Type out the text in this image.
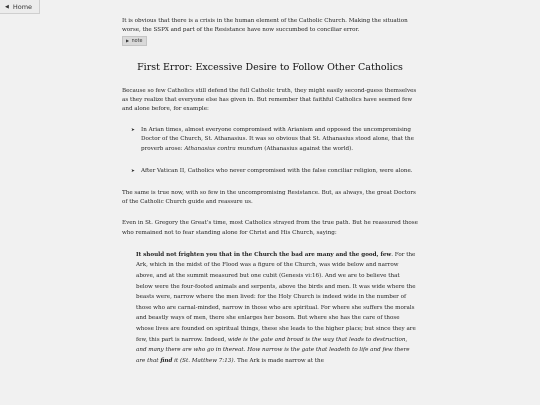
◀ Home

It is obvious that there is a crisis in the human element of the Catholic Church. Making the situation worse, the SSPX and part of the Resistance have now succumbed to conciliar error.

▶ note
First Error: Excessive Desire to Follow Other Catholics

Because so few Catholics still defend the full Catholic truth, they might easily second-guess themselves as they realize that everyone else has given in. But remember that faithful Catholics have seemed few and alone before, for example:

➤ In Arian times, almost everyone compromised with Arianism and opposed the uncompromising Doctor of the Church, St. Athanasius. It was so obvious that St. Athanasius stood alone, that the proverb arose: Athanasius contra mundum (Athanasius against the world).
➤ After Vatican II, Catholics who never compromised with the false conciliar religion, were alone.

The same is true now, with so few in the uncompromising Resistance. But, as always, the great Doctors of the Catholic Church guide and reassure us.

Even in St. Gregory the Great’s time, most Catholics strayed from the true path. But he reassured those who remained not to fear standing alone for Christ and His Church, saying:

It should not frighten you that in the Church the bad are many and the good, few. For the Ark, which in the midst of the Flood was a figure of the Church, was wide below and narrow above, and at the summit measured but one cubit (Genesis vi:16). And we are to believe that below were the four-footed animals and serpents, above the birds and men. It was wide where the beasts were, narrow where the men lived: for the Holy Church is indeed wide in the number of those who are carnal-minded, narrow in those who are spiritual. For where she suffers the morals and beastly ways of men, there she enlarges her bosom. But where she has the care of those whose lives are founded on spiritual things, these she leads to the higher place; but since they are few, this part is narrow. Indeed, wide is the gate and broad is the way that leads to destruction, and many there are who go in thereat. How narrow is the gate that leadeth to life and few there are that find it (St. Matthew 7:13). The Ark is made narrow at the
